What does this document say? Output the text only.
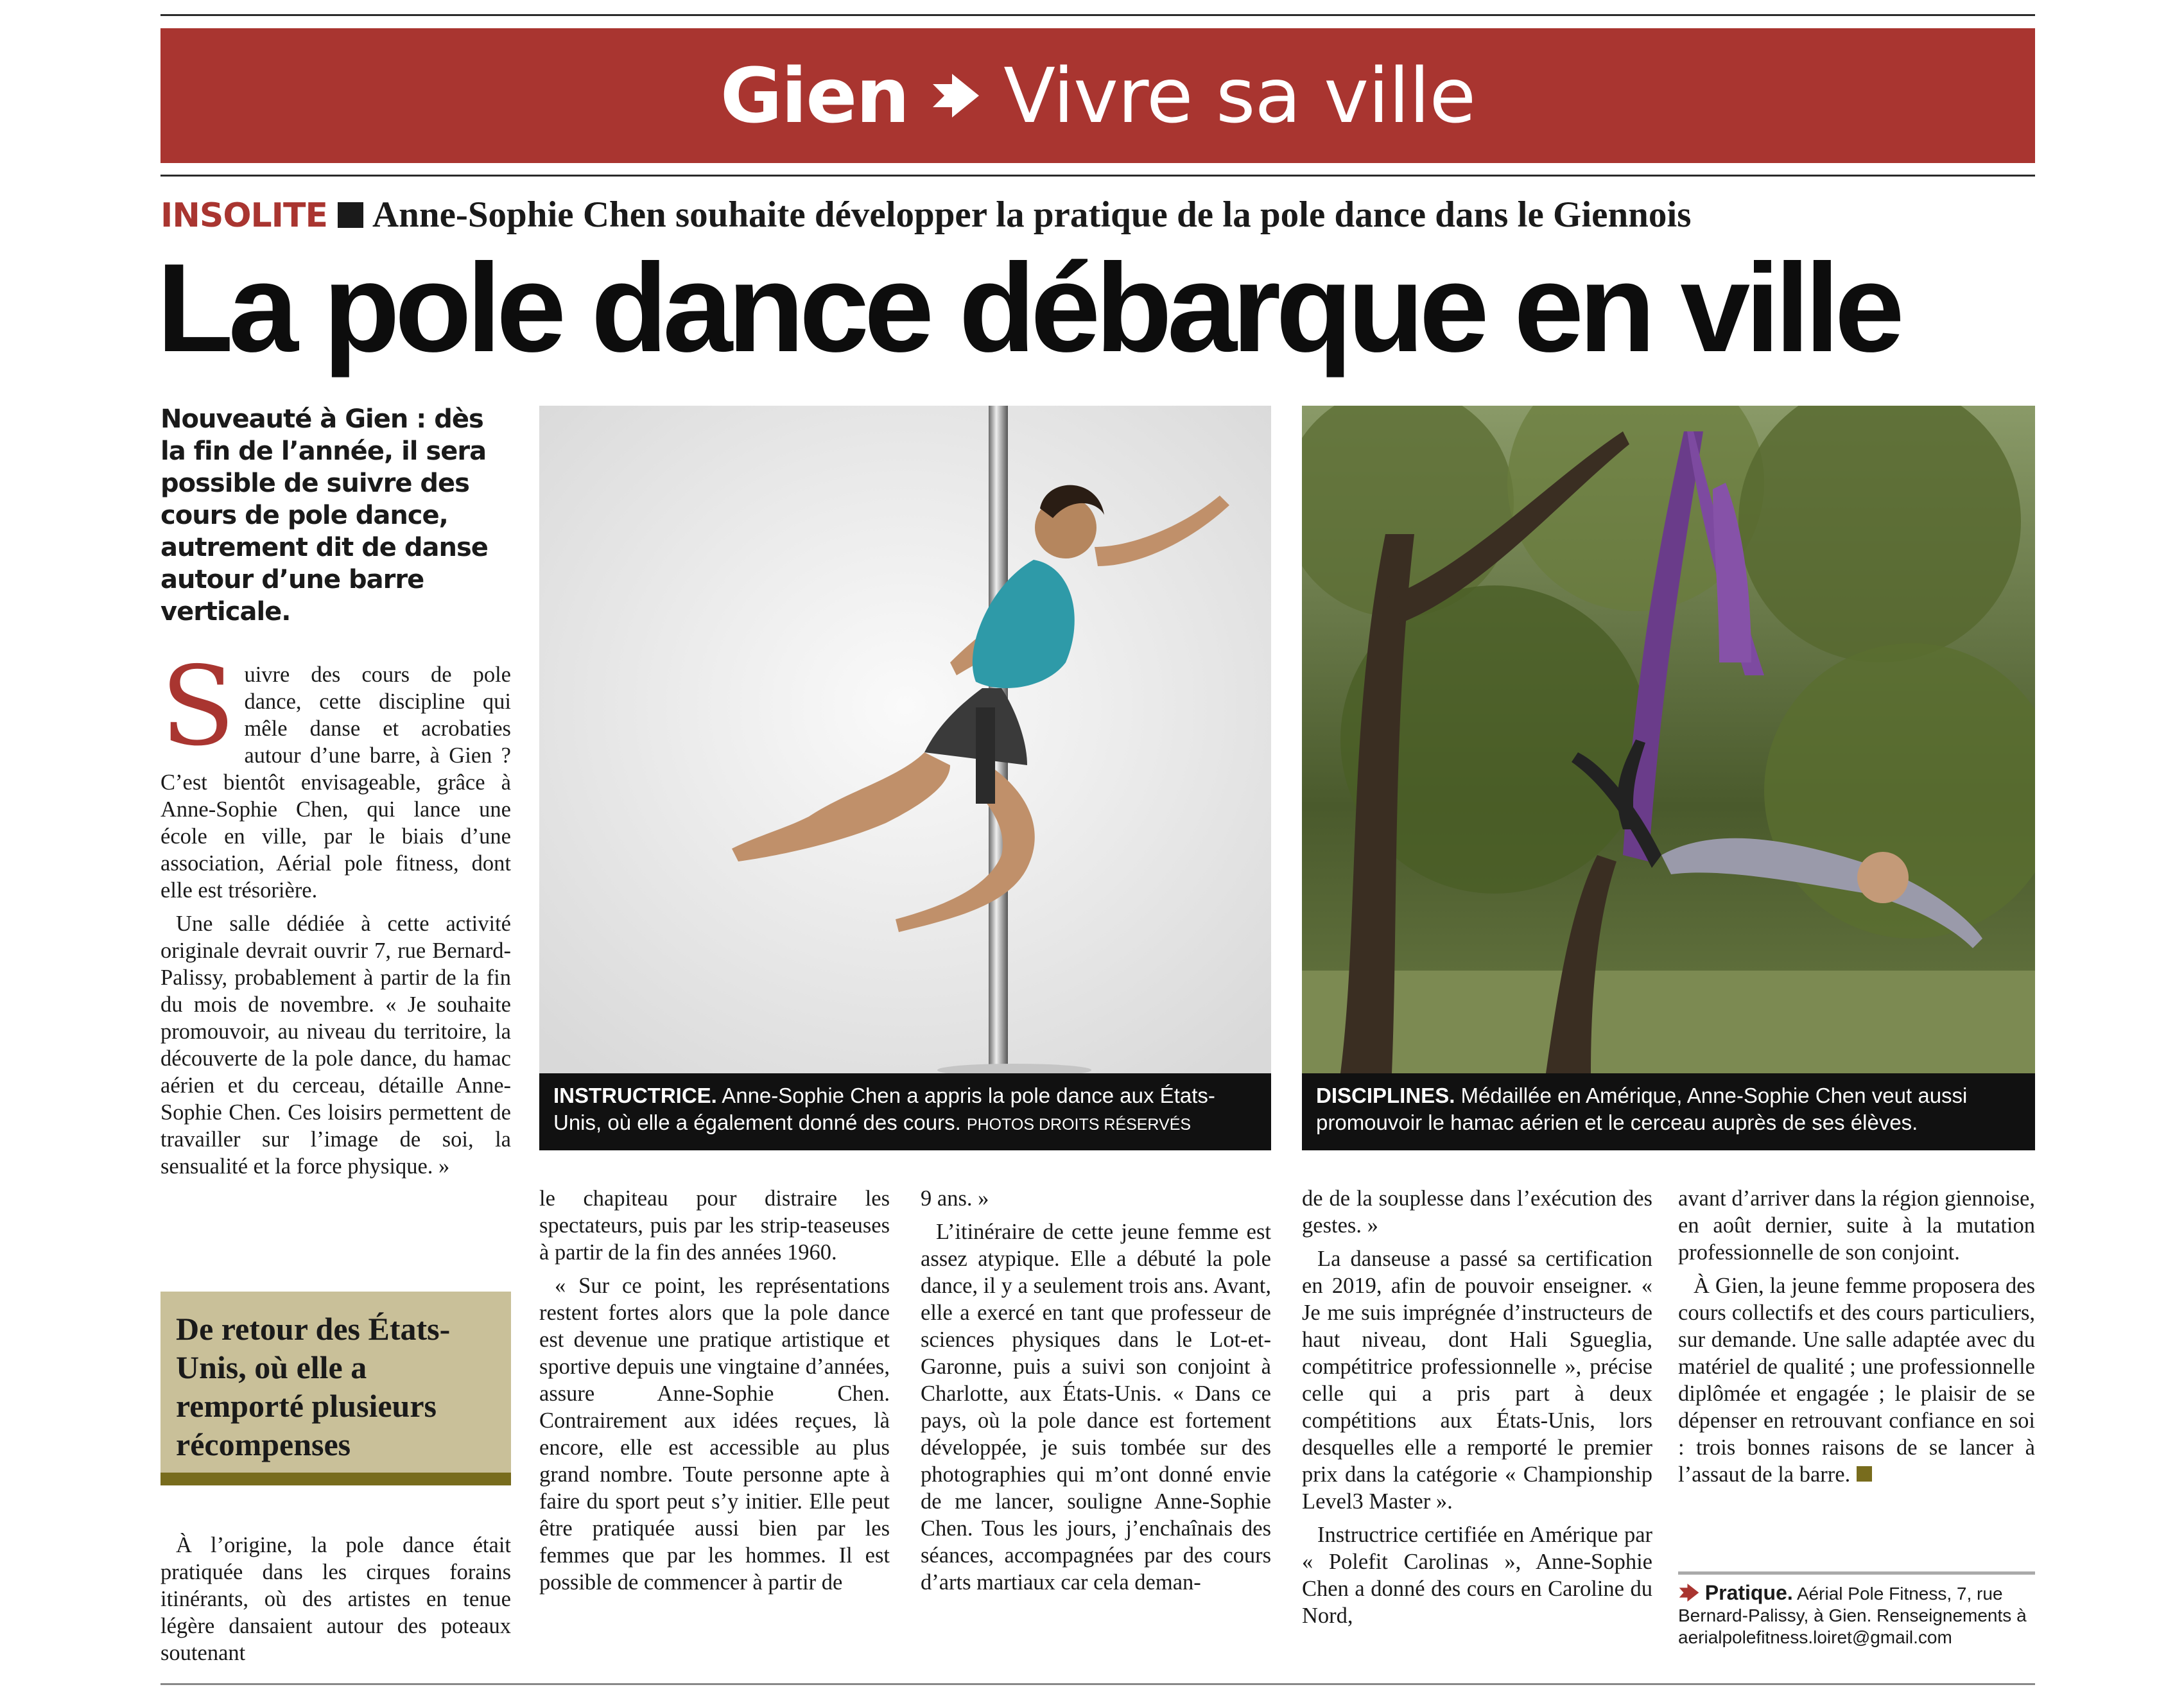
Gien Vivre sa ville
INSOLITE Anne-Sophie Chen souhaite développer la pratique de la pole dance dans le Giennois
La pole dance débarque en ville
Nouveauté à Gien : dès la fin de l’année, il sera possible de suivre des cours de pole dance, autrement dit de danse autour d’une barre verticale.

Suivre des cours de pole dance, cette discipline qui mêle danse et acrobaties autour d’une barre, à Gien ? C’est bientôt envisageable, grâce à Anne-Sophie Chen, qui lance une école en ville, par le biais d’une association, Aérial pole fitness, dont elle est trésorière.

Une salle dédiée à cette activité originale devrait ouvrir 7, rue Bernard-Palissy, probablement à partir de la fin du mois de novembre. « Je souhaite promouvoir, au niveau du territoire, la découverte de la pole dance, du hamac aérien et du cerceau, détaille Anne-Sophie Chen. Ces loisirs permettent de travailler sur l’image de soi, la sensualité et la force physique. »

De retour des États-Unis, où elle a remporté plusieurs récompenses

À l’origine, la pole dance était pratiquée dans les cirques forains itinérants, où des artistes en tenue légère dansaient autour des poteaux soutenant

INSTRUCTRICE. Anne-Sophie Chen a appris la pole dance aux États-Unis, où elle a également donné des cours. PHOTOS DROITS RÉSERVÉS
DISCIPLINES. Médaillée en Amérique, Anne-Sophie Chen veut aussi promouvoir le hamac aérien et le cerceau auprès de ses élèves.

le chapiteau pour distraire les spectateurs, puis par les strip-teaseuses à partir de la fin des années 1960.

« Sur ce point, les représentations restent fortes alors que la pole dance est devenue une pratique artistique et sportive depuis une vingtaine d’années, assure Anne-Sophie Chen. Contrairement aux idées reçues, là encore, elle est accessible au plus grand nombre. Toute personne apte à faire du sport peut s’y initier. Elle peut être pratiquée aussi bien par les femmes que par les hommes. Il est possible de commencer à partir de

9 ans. »

L’itinéraire de cette jeune femme est assez atypique. Elle a débuté la pole dance, il y a seulement trois ans. Avant, elle a exercé en tant que professeur de sciences physiques dans le Lot-et-Garonne, puis a suivi son conjoint à Charlotte, aux États-Unis. « Dans ce pays, où la pole dance est fortement développée, je suis tombée sur des photographies qui m’ont donné envie de me lancer, souligne Anne-Sophie Chen. Tous les jours, j’enchaînais des séances, accompagnées par des cours d’arts martiaux car cela deman-

de de la souplesse dans l’exécution des gestes. »

La danseuse a passé sa certification en 2019, afin de pouvoir enseigner. « Je me suis imprégnée d’instructeurs de haut niveau, dont Hali Sgueglia, compétitrice professionnelle », précise celle qui a pris part à deux compétitions aux États-Unis, lors desquelles elle a remporté le premier prix dans la catégorie « Championship Level3 Master ».

Instructrice certifiée en Amérique par « Polefit Carolinas », Anne-Sophie Chen a donné des cours en Caroline du Nord,

avant d’arriver dans la région giennoise, en août dernier, suite à la mutation professionnelle de son conjoint.

À Gien, la jeune femme proposera des cours collectifs et des cours particuliers, sur demande. Une salle adaptée avec du matériel de qualité ; une professionnelle diplômée et engagée ; le plaisir de se dépenser en retrouvant confiance en soi : trois bonnes raisons de se lancer à l’assaut de la barre.

Pratique. Aérial Pole Fitness, 7, rue Bernard-Palissy, à Gien. Renseignements à aerialpolefitness.loiret@gmail.com
